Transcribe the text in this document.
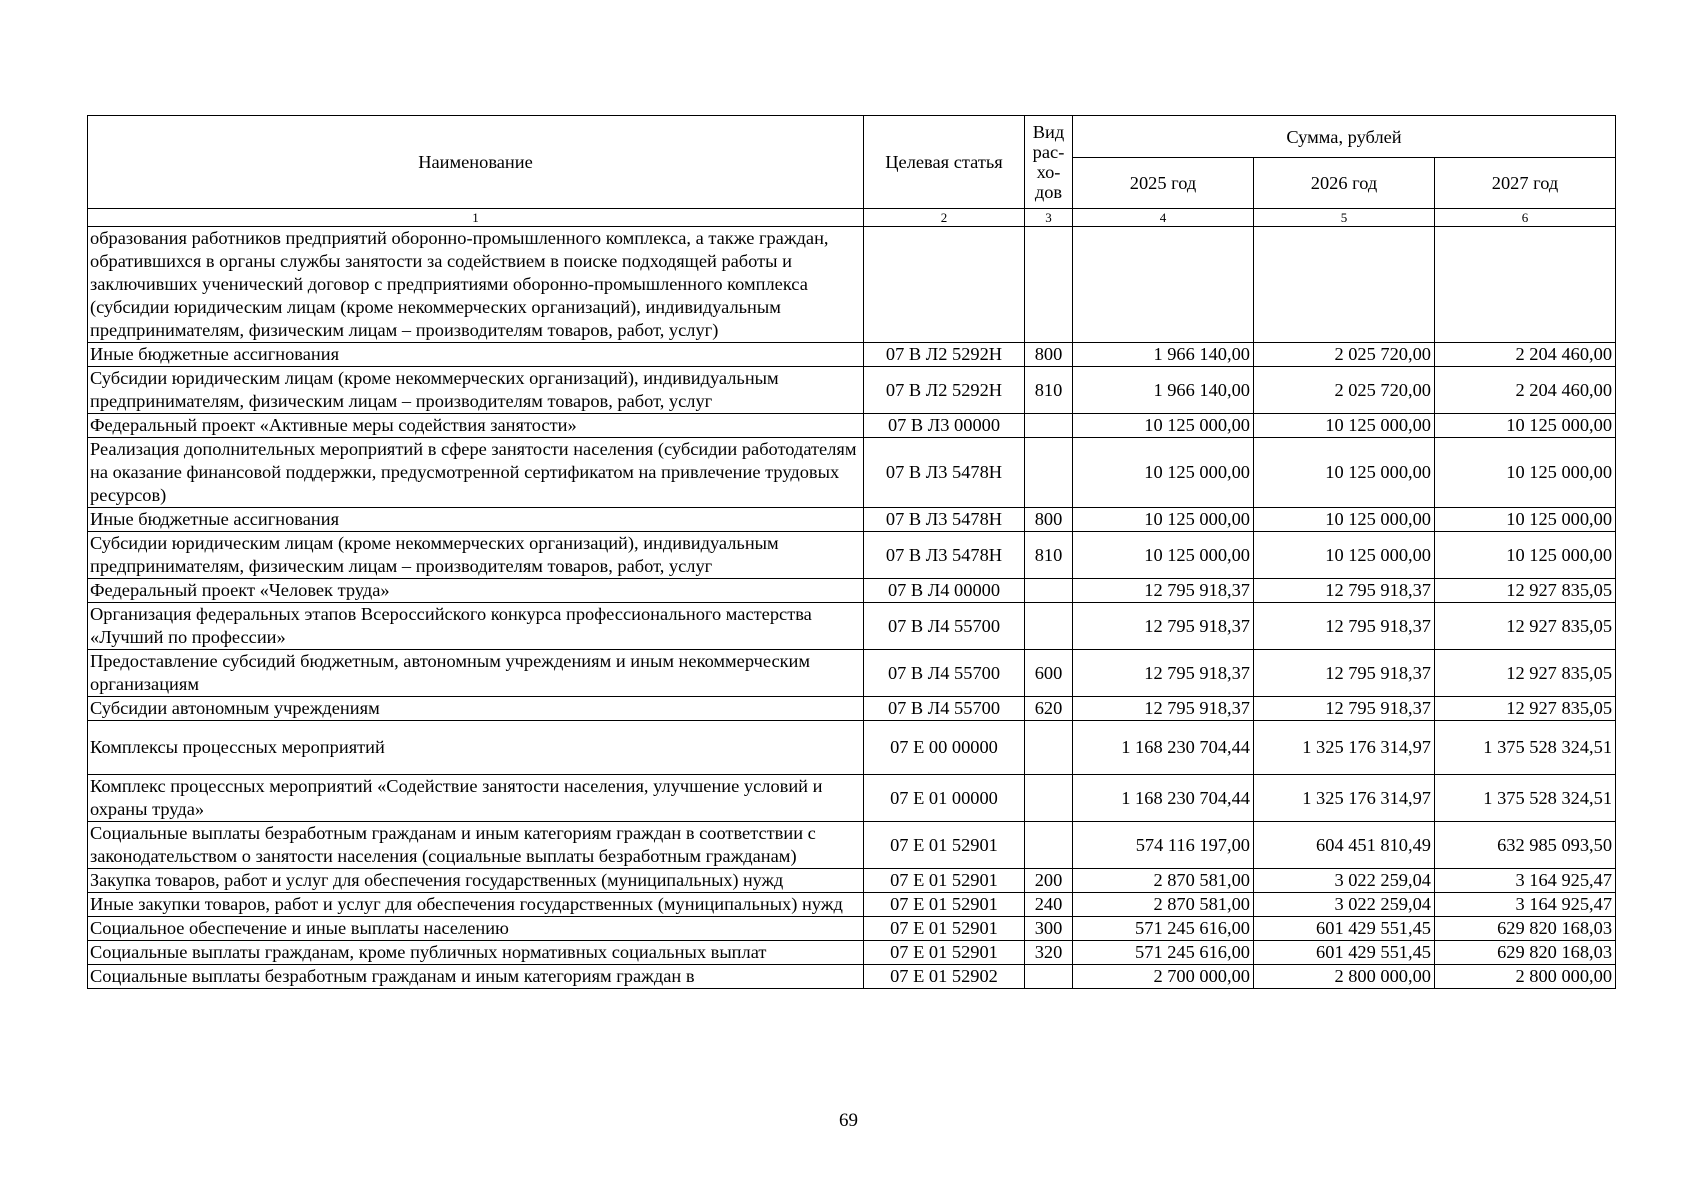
Наименование	Целевая статья	Вид рас-хо-дов	Сумма, рублей		
			2025 год	2026 год	2027 год
1	2	3	4	5	6
образования работников предприятий оборонно-промышленного комплекса, а также граждан, обратившихся в органы службы занятости за содействием в поиске подходящей работы и заключивших ученический договор с предприятиями оборонно-промышленного комплекса (субсидии юридическим лицам (кроме некоммерческих организаций), индивидуальным предпринимателям, физическим лицам – производителям товаров, работ, услуг)					
Иные бюджетные ассигнования	07 В Л2 5292Н	800	1 966 140,00	2 025 720,00	2 204 460,00
Субсидии юридическим лицам (кроме некоммерческих организаций), индивидуальным предпринимателям, физическим лицам – производителям товаров, работ, услуг	07 В Л2 5292Н	810	1 966 140,00	2 025 720,00	2 204 460,00
Федеральный проект «Активные меры содействия занятости»	07 В Л3 00000		10 125 000,00	10 125 000,00	10 125 000,00
Реализация дополнительных мероприятий в сфере занятости населения (субсидии работодателям на оказание финансовой поддержки, предусмотренной сертификатом на привлечение трудовых ресурсов)	07 В Л3 5478Н		10 125 000,00	10 125 000,00	10 125 000,00
Иные бюджетные ассигнования	07 В Л3 5478Н	800	10 125 000,00	10 125 000,00	10 125 000,00
Субсидии юридическим лицам (кроме некоммерческих организаций), индивидуальным предпринимателям, физическим лицам – производителям товаров, работ, услуг	07 В Л3 5478Н	810	10 125 000,00	10 125 000,00	10 125 000,00
Федеральный проект «Человек труда»	07 В Л4 00000		12 795 918,37	12 795 918,37	12 927 835,05
Организация федеральных этапов Всероссийского конкурса профессионального мастерства «Лучший по профессии»	07 В Л4 55700		12 795 918,37	12 795 918,37	12 927 835,05
Предоставление субсидий бюджетным, автономным учреждениям и иным некоммерческим организациям	07 В Л4 55700	600	12 795 918,37	12 795 918,37	12 927 835,05
Субсидии автономным учреждениям	07 В Л4 55700	620	12 795 918,37	12 795 918,37	12 927 835,05
Комплексы процессных мероприятий	07 Е 00 00000		1 168 230 704,44	1 325 176 314,97	1 375 528 324,51
Комплекс процессных мероприятий «Содействие занятости населения, улучшение условий и охраны труда»	07 Е 01 00000		1 168 230 704,44	1 325 176 314,97	1 375 528 324,51
Социальные выплаты безработным гражданам и иным категориям граждан в соответствии с законодательством о занятости населения (социальные выплаты безработным гражданам)	07 Е 01 52901		574 116 197,00	604 451 810,49	632 985 093,50
Закупка товаров, работ и услуг для обеспечения государственных (муниципальных) нужд	07 Е 01 52901	200	2 870 581,00	3 022 259,04	3 164 925,47
Иные закупки товаров, работ и услуг для обеспечения государственных (муниципальных) нужд	07 Е 01 52901	240	2 870 581,00	3 022 259,04	3 164 925,47
Социальное обеспечение и иные выплаты населению	07 Е 01 52901	300	571 245 616,00	601 429 551,45	629 820 168,03
Социальные выплаты гражданам, кроме публичных нормативных социальных выплат	07 Е 01 52901	320	571 245 616,00	601 429 551,45	629 820 168,03
Социальные выплаты безработным гражданам и иным категориям граждан в	07 Е 01 52902		2 700 000,00	2 800 000,00	2 800 000,00
69
